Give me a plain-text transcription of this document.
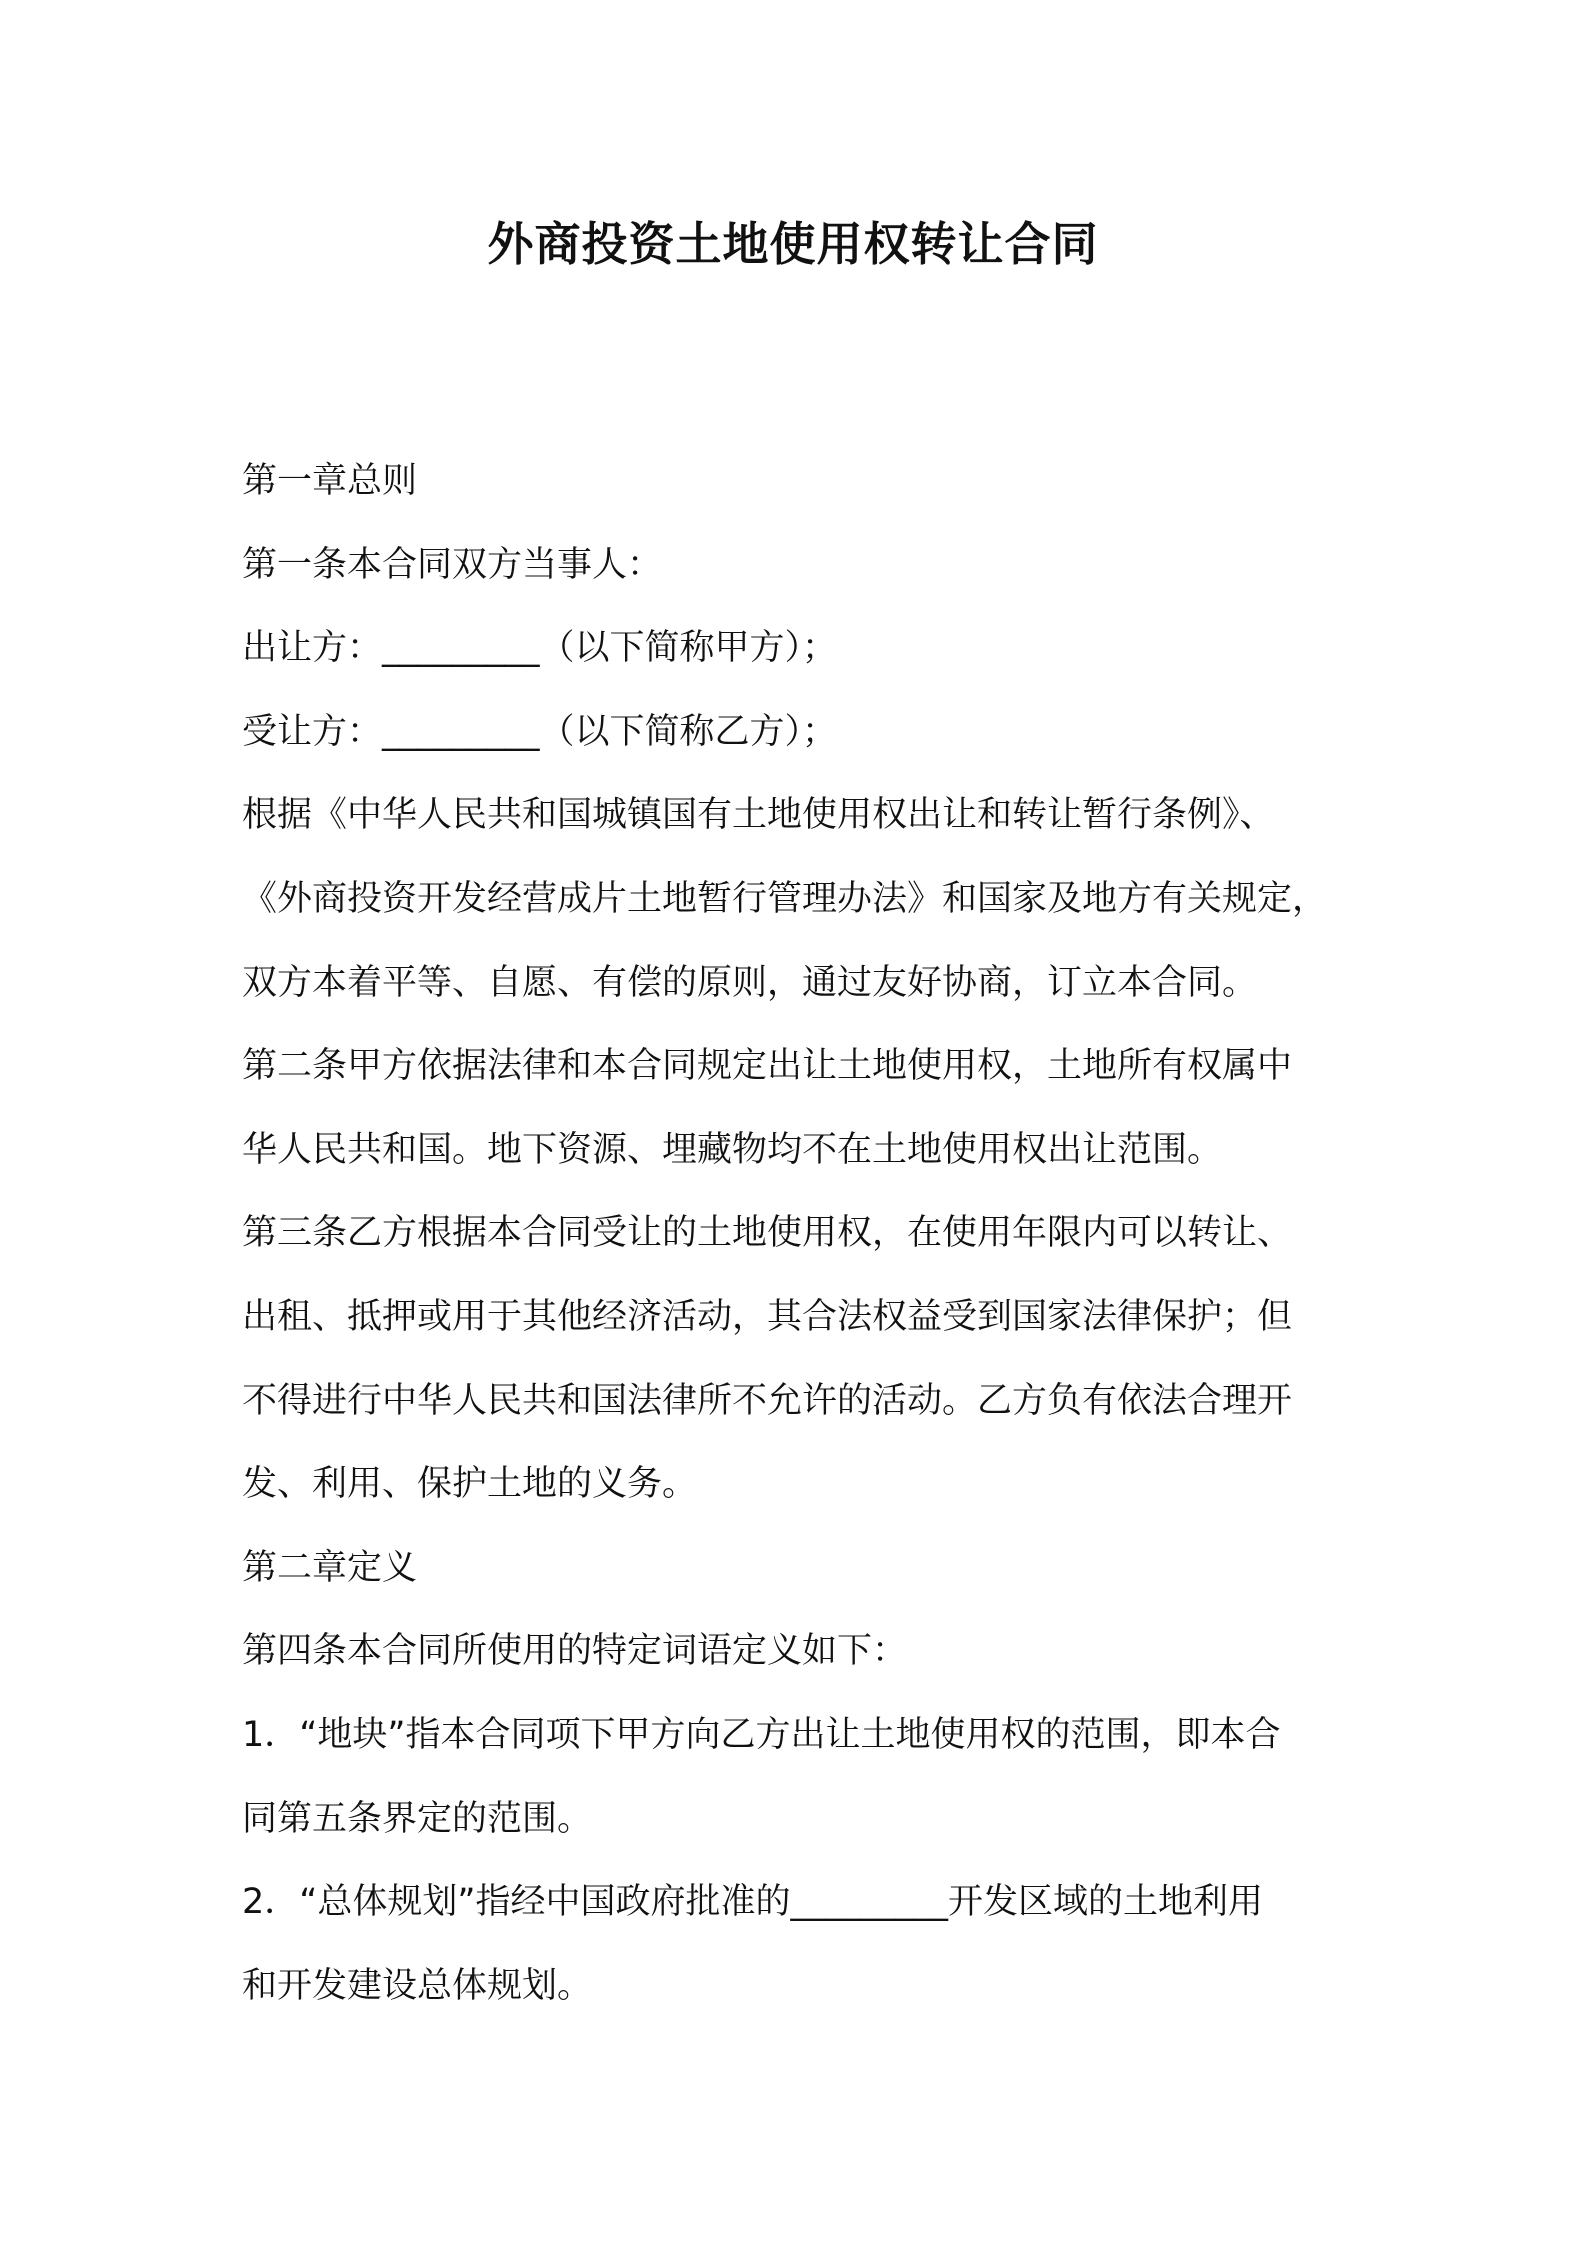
外商投资土地使用权转让合同
第一章总则
第一条本合同双方当事人：
出让方：_________（以下简称甲方）；
受让方：_________（以下简称乙方）；
根据《中华人民共和国城镇国有土地使用权出让和转让暂行条例》、
《外商投资开发经营成片土地暂行管理办法》和国家及地方有关规定，
双方本着平等、自愿、有偿的原则，通过友好协商，订立本合同。
第二条甲方依据法律和本合同规定出让土地使用权，土地所有权属中
华人民共和国。地下资源、埋藏物均不在土地使用权出让范围。
第三条乙方根据本合同受让的土地使用权，在使用年限内可以转让、
出租、抵押或用于其他经济活动，其合法权益受到国家法律保护；但
不得进行中华人民共和国法律所不允许的活动。乙方负有依法合理开
发、利用、保护土地的义务。
第二章定义
第四条本合同所使用的特定词语定义如下：
1．“地块”指本合同项下甲方向乙方出让土地使用权的范围，即本合
同第五条界定的范围。
2．“总体规划”指经中国政府批准的_________开发区域的土地利用
和开发建设总体规划。
